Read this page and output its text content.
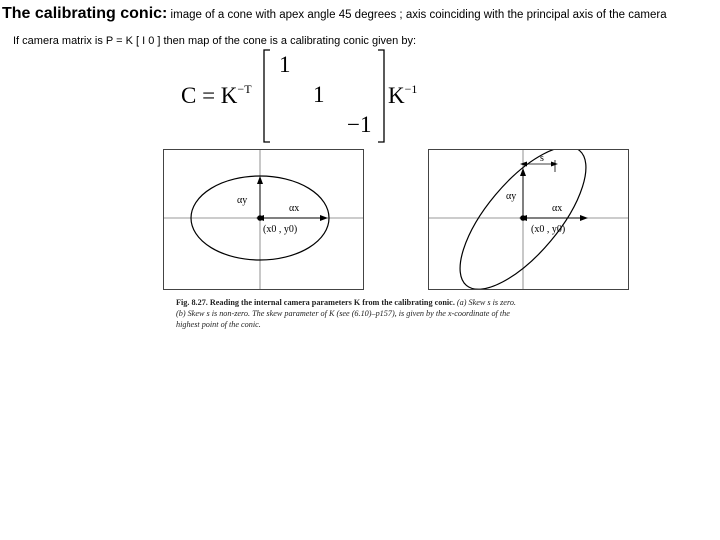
The calibrating conic: image of a cone with apex angle 45 degrees ; axis coinciding with the principal axis of the camera
If camera matrix is P = K [ I 0 ] then map of the cone is a calibrating conic given by:
$C = K^{-T}$
1
1
−1
$K^{-1}$
αy
αx
(x0 , y0)
s
αy
αx
(x0 , y0)
Fig. 8.27. Reading the internal camera parameters K from the calibrating conic. (a) Skew s is zero.
(b) Skew s is non-zero. The skew parameter of K (see (6.10)–p157), is given by the x-coordinate of the
highest point of the conic.
